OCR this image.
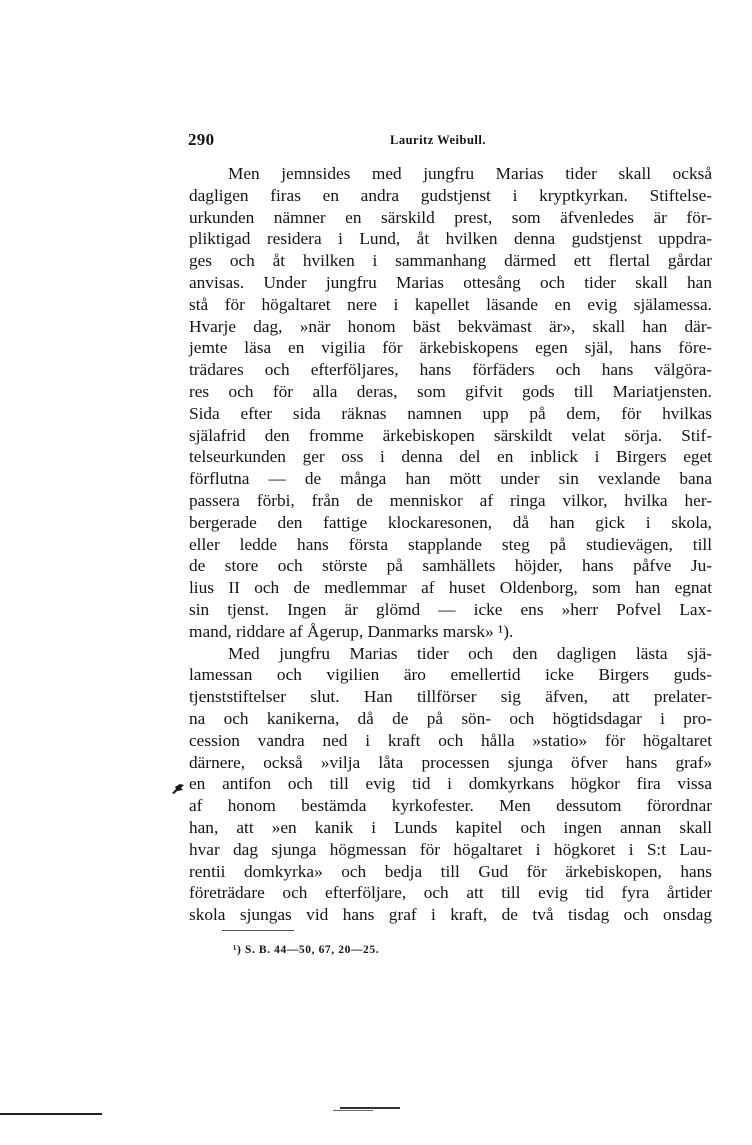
290	Lauritz Weibull.
Men jemnsides med jungfru Marias tider skall också
dagligen firas en andra gudstjenst i kryptkyrkan. Stiftelse-
urkunden nämner en särskild prest, som äfvenledes är för-
pliktigad residera i Lund, åt hvilken denna gudstjenst uppdra-
ges och åt hvilken i sammanhang därmed ett flertal gårdar
anvisas. Under jungfru Marias ottesång och tider skall han
stå för högaltaret nere i kapellet läsande en evig själamessa.
Hvarje dag, »när honom bäst bekvämast är», skall han där-
jemte läsa en vigilia för ärkebiskopens egen själ, hans före-
trädares och efterföljares, hans förfäders och hans välgöra-
res och för alla deras, som gifvit gods till Mariatjensten.
Sida efter sida räknas namnen upp på dem, för hvilkas
själafrid den fromme ärkebiskopen särskildt velat sörja. Stif-
telseurkunden ger oss i denna del en inblick i Birgers eget
förflutna — de många han mött under sin vexlande bana
passera förbi, från de menniskor af ringa vilkor, hvilka her-
bergerade den fattige klockaresonen, då han gick i skola,
eller ledde hans första stapplande steg på studievägen, till
de store och störste på samhällets höjder, hans påfve Ju-
lius II och de medlemmar af huset Oldenborg, som han egnat
sin tjenst. Ingen är glömd — icke ens »herr Pofvel Lax-
mand, riddare af Ågerup, Danmarks marsk» ¹).
Med jungfru Marias tider och den dagligen lästa sjä-
lamessan och vigilien äro emellertid icke Birgers guds-
tjenststiftelser slut. Han tillförser sig äfven, att prelater-
na och kanikerna, då de på sön- och högtidsdagar i pro-
cession vandra ned i kraft och hålla »statio» för högaltaret
därnere, också »vilja låta processen sjunga öfver hans graf»
en antifon och till evig tid i domkyrkans högkor fira vissa
af honom bestämda kyrkofester. Men dessutom förordnar
han, att »en kanik i Lunds kapitel och ingen annan skall
hvar dag sjunga högmessan för högaltaret i högkoret i S:t Lau-
rentii domkyrka» och bedja till Gud för ärkebiskopen, hans
företrädare och efterföljare, och att till evig tid fyra årtider
skola sjungas vid hans graf i kraft, de två tisdag och onsdag
¹) S. B. 44—50, 67, 20—25.
